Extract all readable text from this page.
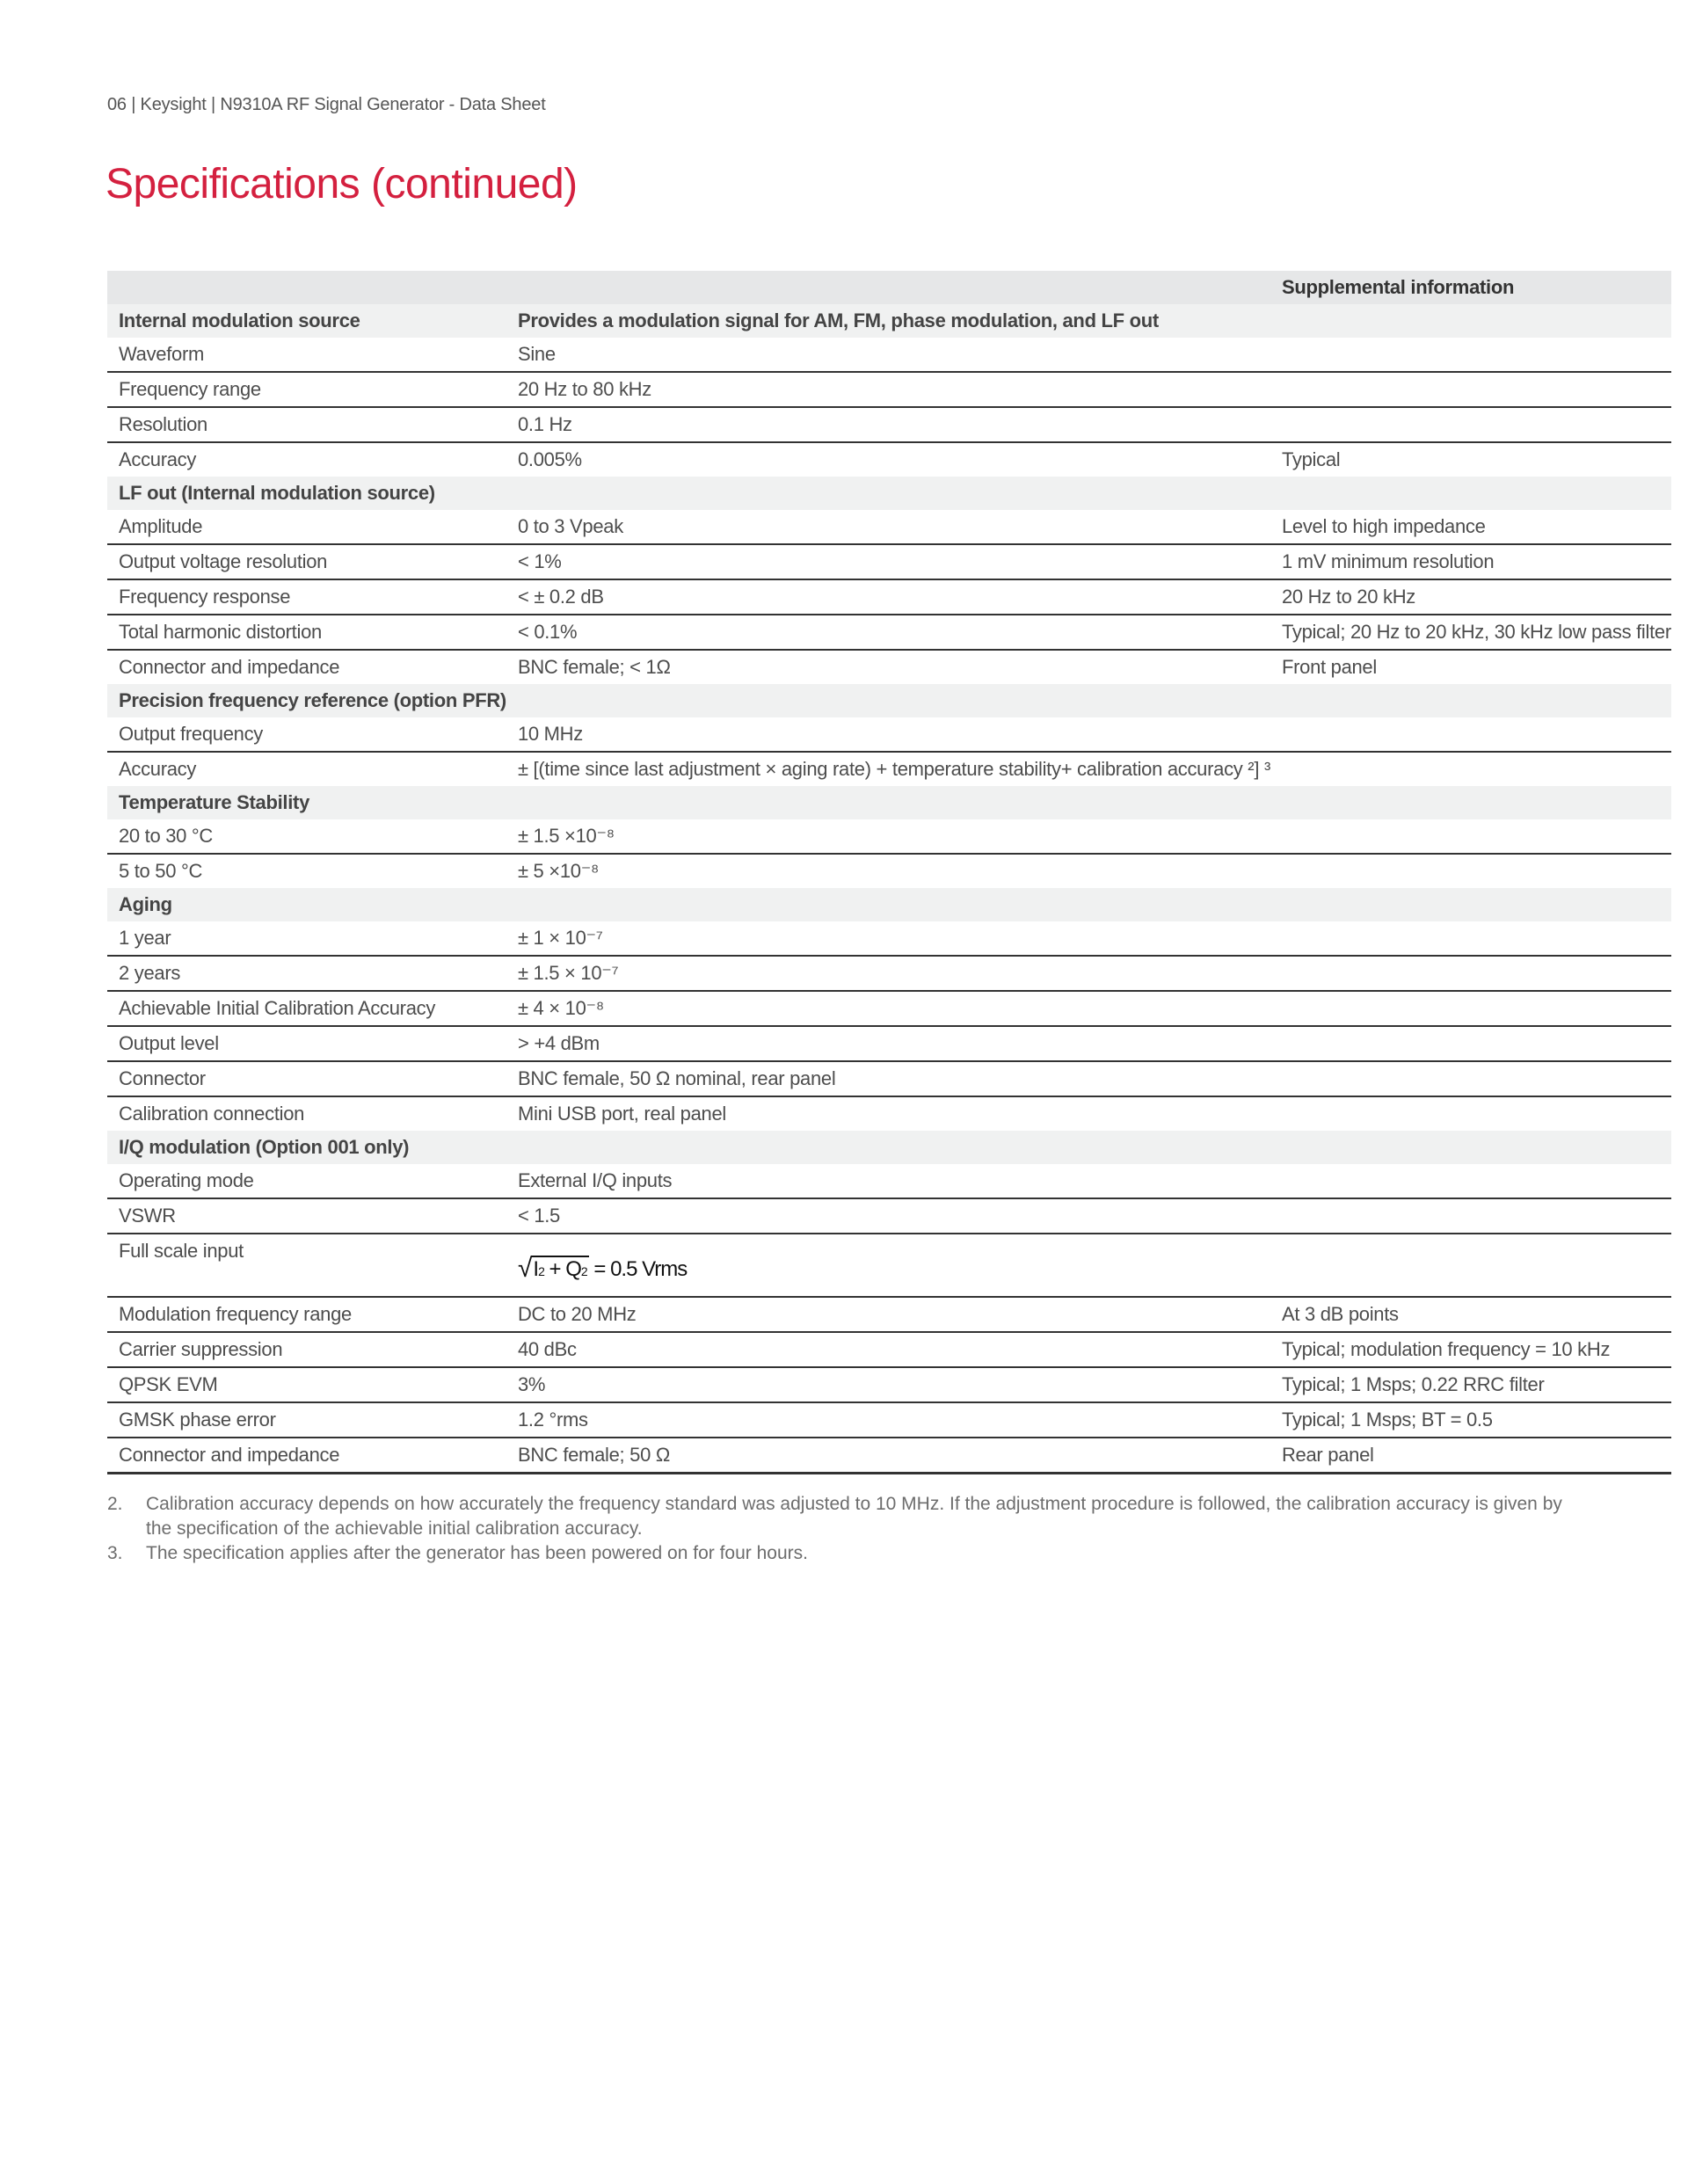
06 | Keysight | N9310A RF Signal Generator - Data Sheet
Specifications (continued)
		Supplemental information
Internal modulation source	Provides a modulation signal for AM, FM, phase modulation, and LF out	
Waveform	Sine	
Frequency range	20 Hz to 80 kHz	
Resolution	0.1 Hz	
Accuracy	0.005%	Typical
LF out (Internal modulation source)		
Amplitude	0 to 3 Vpeak	Level to high impedance
Output voltage resolution	< 1%	1 mV minimum resolution
Frequency response	< ± 0.2 dB	20 Hz to 20 kHz
Total harmonic distortion	< 0.1%	Typical; 20 Hz to 20 kHz, 30 kHz low pass filter
Connector and impedance	BNC female; < 1Ω	Front panel
Precision frequency reference (option PFR)		
Output frequency	10 MHz	
Accuracy	± [(time since last adjustment × aging rate) + temperature stability+ calibration accuracy ²] ³	
Temperature Stability		
20 to 30 °C	± 1.5 ×10⁻⁸	
5 to 50 °C	± 5 ×10⁻⁸	
Aging		
1 year	± 1 × 10⁻⁷	
2 years	± 1.5 × 10⁻⁷	
Achievable Initial Calibration Accuracy	± 4 × 10⁻⁸	
Output level	> +4 dBm	
Connector	BNC female, 50 Ω nominal, rear panel	
Calibration connection	Mini USB port, real panel	
I/Q modulation (Option 001 only)		
Operating mode	External I/Q inputs	
VSWR	< 1.5	
Full scale input	√ I2 + Q2 = 0.5 Vrms	

Modulation frequency range	DC to 20 MHz	At 3 dB points
Carrier suppression	40 dBc	Typical; modulation frequency = 10 kHz
QPSK EVM	3%	Typical; 1 Msps; 0.22 RRC filter
GMSK phase error	1.2 °rms	Typical; 1 Msps; BT = 0.5
Connector and impedance	BNC female; 50 Ω	Rear panel
2.	Calibration accuracy depends on how accurately the frequency standard was adjusted to 10 MHz. If the adjustment procedure is followed, the calibration accuracy is given by the specification of the achievable initial calibration accuracy.
3.	The specification applies after the generator has been powered on for four hours.
